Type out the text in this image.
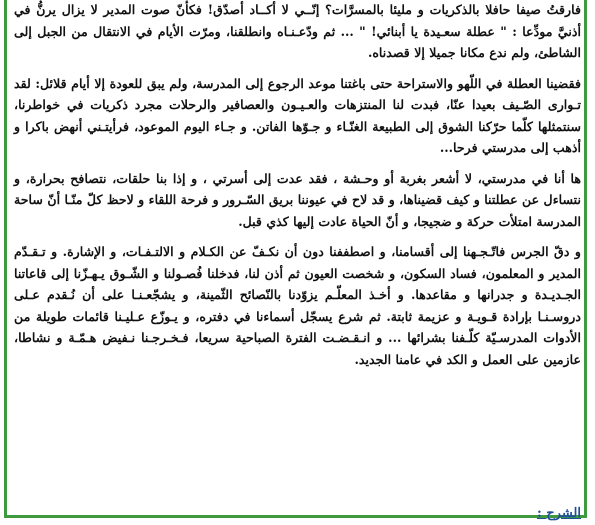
فارقتُ صيفا حافلا بالذكريات و مليئا بالمسرَّات؟ إنّــي لا أكــاد أصدّق! فكأنّ صوت المدير لا يزال يرنُّ في أذنيَّ مودِّعا : " عطلة سعـيدة يا أبنائي! " ... ثم ودّعـنـاه وانطلقنا، ومرّت الأيام في الانتقال من الجبل إلى الشاطئ، ولم ندع مكانا جميلا إلا قصدناه.

فقضينا العطلة في اللّهو والاستراحة حتى باغتنا موعد الرجوع إلى المدرسة، ولم يبق للعودة إلا أيام قلائل: لقد تـوارى الصّـيف بعيدا عنّا، فبدت لنا المنتزهات والعـيـون والعصافير والرحلات مجرد ذكريات في خواطرنا، سنتمثلها كلّما حرّكنا الشوق إلى الطبيعة الغنّـاء و جـوّها الفاتن. و جـاء اليوم الموعود، فرأيتـني أنهض باكرا و أذهب إلى مدرستي فرحا...

ها أنا في مدرستي، لا أشعر بغربة أو وحـشة ، فقد عدت إلى أسرتي ، و إذا بنا حلقات، نتصافح بحرارة، و نتساءل عن عطلتنا و كيف قضيناها، و قد لاح في عيوننا بريق السّـرور و فرحة اللقاء و لاحظ كلّ منّـا أنّ ساحة المدرسة امتلأت حركة و ضجيجا، و أنّ الحياة عادت إليها كذي قبل.

و دقّ الجرس فاتّـجـهنا إلى أقسامنا، و اصطففنا دون أن نكـفّ عن الكـلام و الالتـفـات، و الإشارة. و تـقـدّم المدير و المعلمون، فساد السكون، و شخصت العيون ثم أذن لنا، فدخلنا فُصـولنا و الشّـوق يـهـزّنا إلى قاعاتنا الجـديـدة و جدرانها و مقاعدها. و أخـذ المعلّـم يزوّدنا بالنّصائح الثّمينة، و يشجّعـنـا على أن نُـقدم عـلى دروسـنـا بإرادة قـويـة و عزيمة ثابتة. ثم شرع يسجّل أسماءنا في دفتره، و يـوزّع عـليـنا قائمات طويلة من الأدوات المدرسـيّة كلّـفنا بشرائها ... و انـقـضـت الفترة الصباحية سريعا، فـخـرجـنا نـفيض هـمّـة و نشاطا، عازمين على العمل و الكد في عامنا الجديد.

الشرح :
